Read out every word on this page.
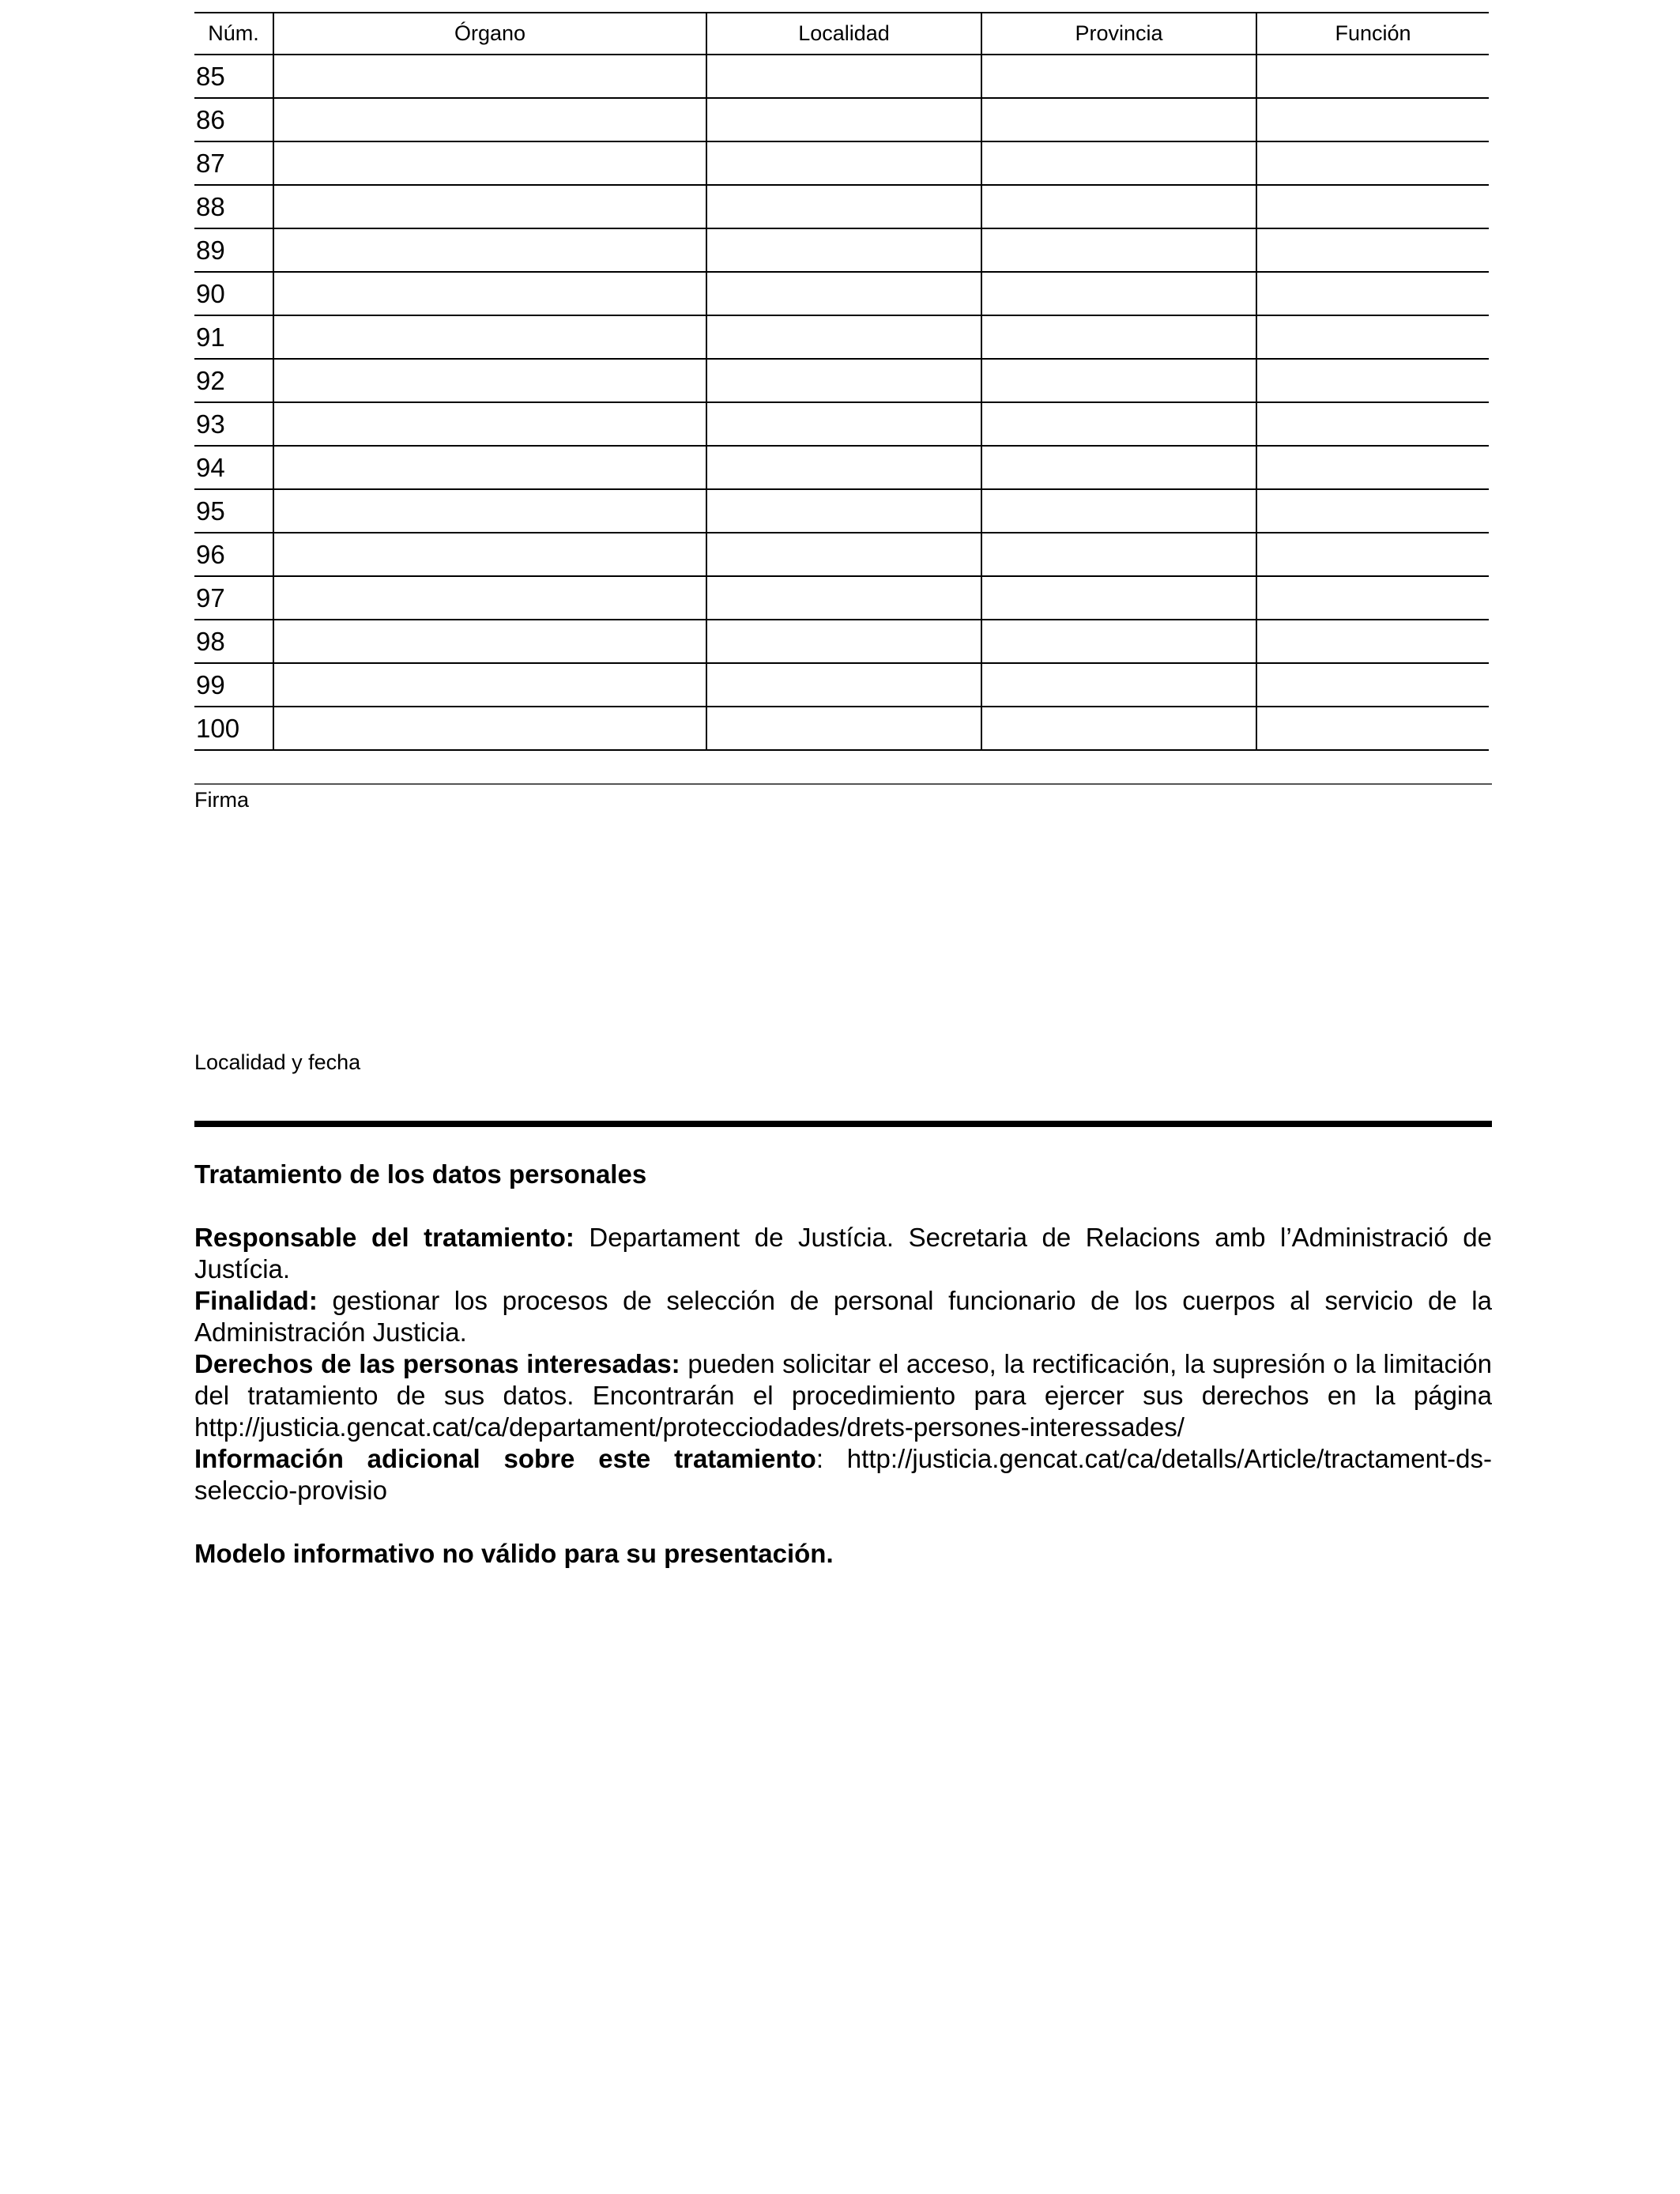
Núm.	Órgano	Localidad	Provincia	Función
85				
86				
87				
88				
89				
90				
91				
92				
93				
94				
95				
96				
97				
98				
99				
100				
Firma
Localidad y fecha
Tratamiento de los datos personales

Responsable del tratamiento: Departament de Justícia. Secretaria de Relacions amb l’Administració de Justícia.

Finalidad: gestionar los procesos de selección de personal funcionario de los cuerpos al servicio de la Administración Justicia.

Derechos de las personas interesadas: pueden solicitar el acceso, la rectificación, la supresión o la limitación del tratamiento de sus datos. Encontrarán el procedimiento para ejercer sus derechos en la página http://justicia.gencat.cat/ca/departament/protecciodades/drets-persones-interessades/

Información adicional sobre este tratamiento: http://justicia.gencat.cat/ca/detalls/Article/tractament-ds-seleccio-provisio

Modelo informativo no válido para su presentación.
